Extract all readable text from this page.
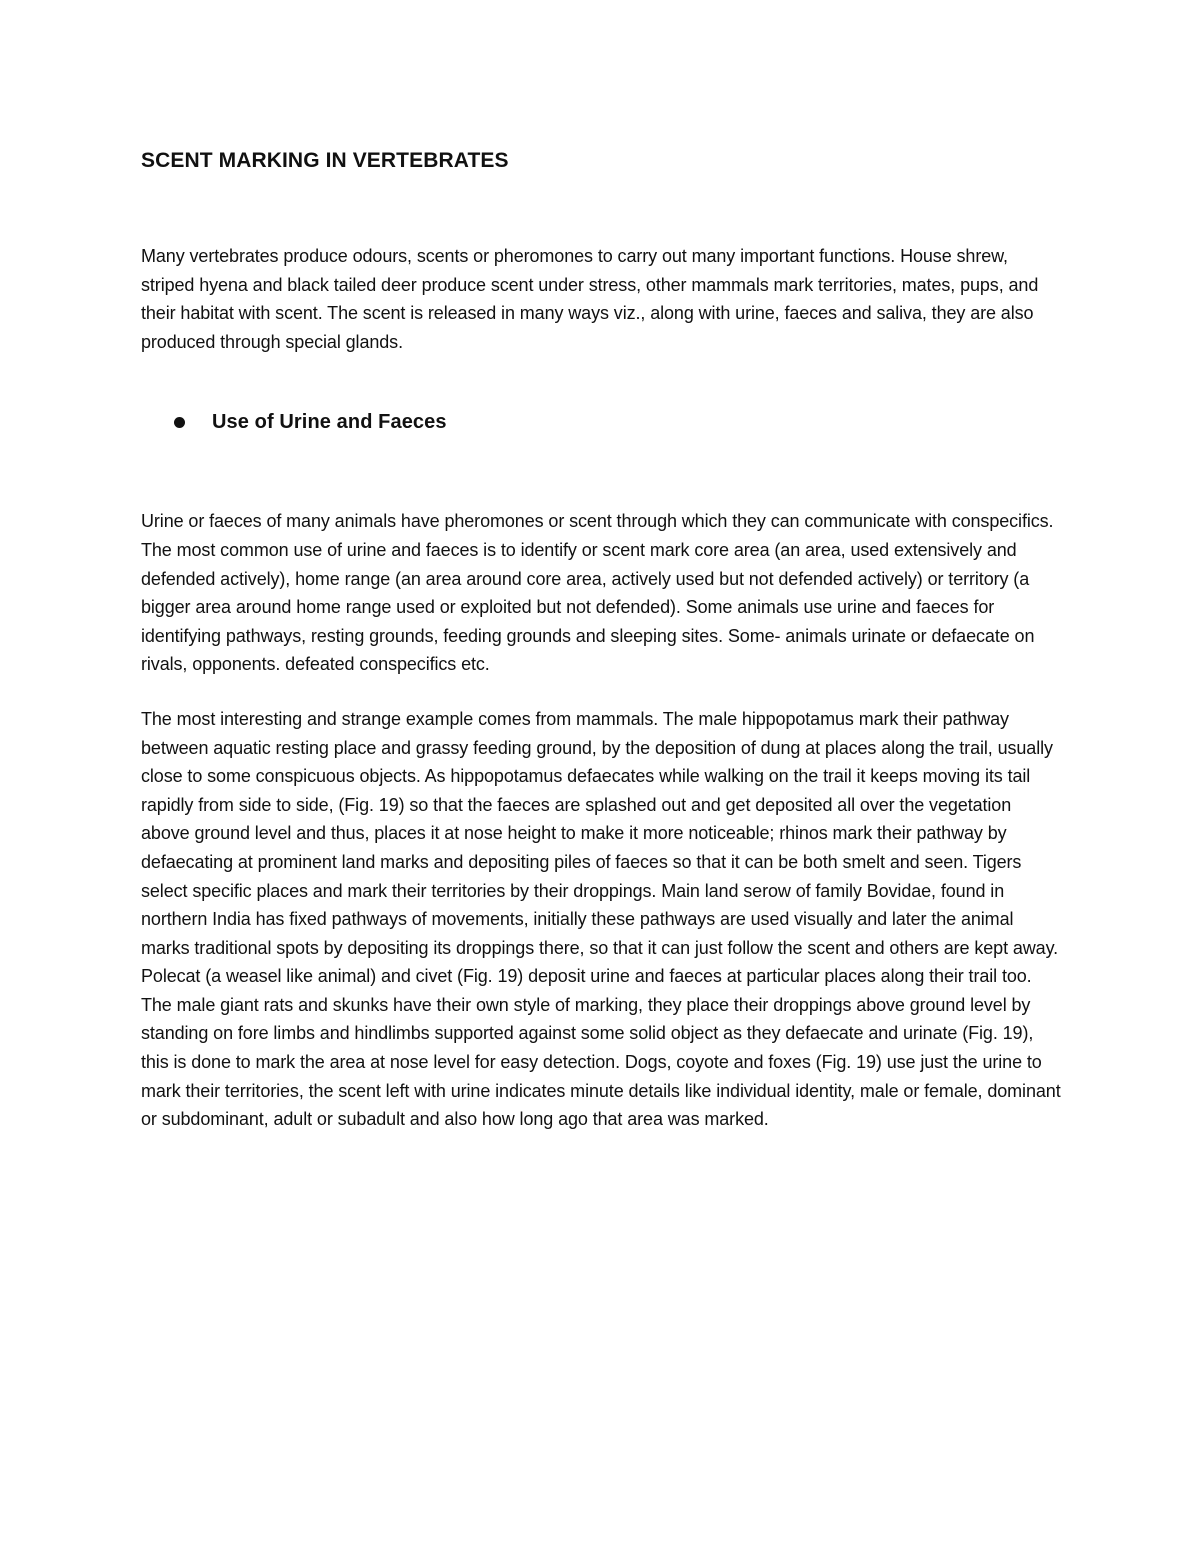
SCENT MARKING IN VERTEBRATES

Many vertebrates produce odours, scents or pheromones to carry out many important functions. House shrew, striped hyena and black tailed deer produce scent under stress, other mammals mark territories, mates, pups, and their habitat with scent. The scent is released in many ways viz., along with urine, faeces and saliva, they are also produced through special glands.

Use of Urine and Faeces

Urine or faeces of many animals have pheromones or scent through which they can communicate with conspecifics. The most common use of urine and faeces is to identify or scent mark core area (an area, used extensively and defended actively), home range (an area around core area, actively used but not defended actively) or territory (a bigger area around home range used or exploited but not defended). Some animals use urine and faeces for identifying pathways, resting grounds, feeding grounds and sleeping sites. Some- animals urinate or defaecate on rivals, opponents. defeated conspecifics etc.

The most interesting and strange example comes from mammals. The male hippopotamus mark their pathway between aquatic resting place and grassy feeding ground, by the deposition of dung at places along the trail, usually close to some conspicuous objects. As hippopotamus defaecates while walking on the trail it keeps moving its tail rapidly from side to side, (Fig. 19) so that the faeces are splashed out and get deposited all over the vegetation above ground level and thus, places it at nose height to make it more noticeable; rhinos mark their pathway by defaecating at prominent land marks and depositing piles of faeces so that it can be both smelt and seen. Tigers select specific places and mark their territories by their droppings. Main land serow of family Bovidae, found in northern India has fixed pathways of movements, initially these pathways are used visually and later the animal marks traditional spots by depositing its droppings there, so that it can just follow the scent and others are kept away. Polecat (a weasel like animal) and civet (Fig. 19) deposit urine and faeces at particular places along their trail too. The male giant rats and skunks have their own style of marking, they place their droppings above ground level by standing on fore limbs and hindlimbs supported against some solid object as they defaecate and urinate (Fig. 19), this is done to mark the area at nose level for easy detection. Dogs, coyote and foxes (Fig. 19) use just the urine to mark their territories, the scent left with urine indicates minute details like individual identity, male or female, dominant or subdominant, adult or subadult and also how long ago that area was marked.
